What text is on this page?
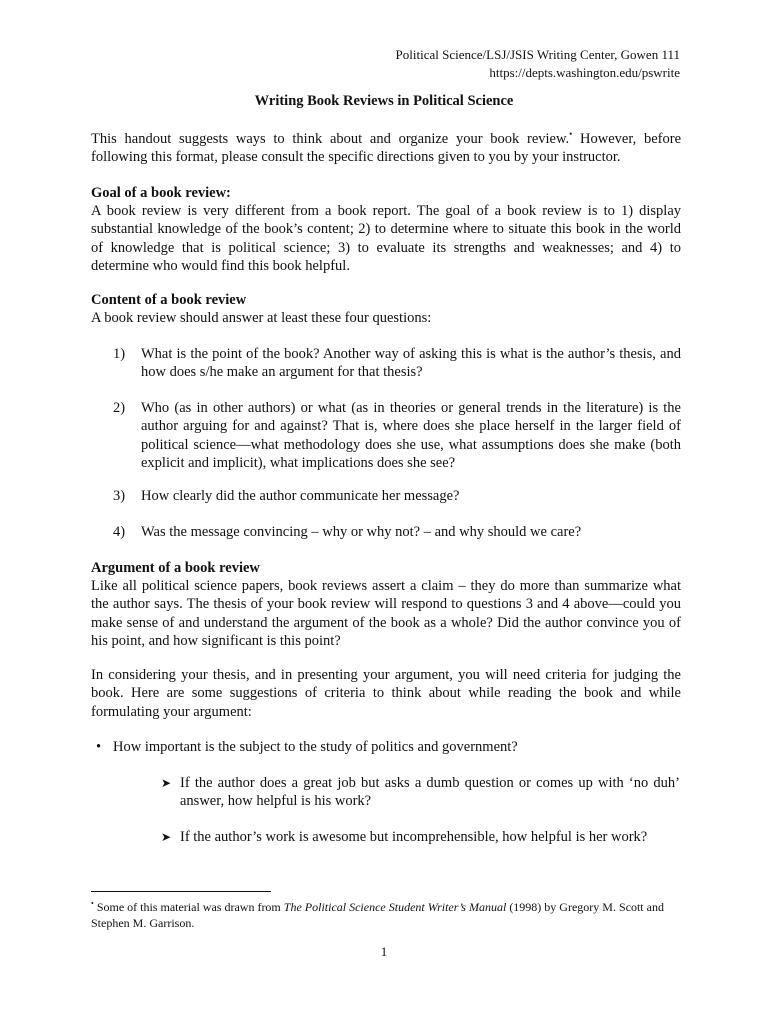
Political Science/LSJ/JSIS Writing Center, Gowen 111
https://depts.washington.edu/pswrite
Writing Book Reviews in Political Science
This handout suggests ways to think about and organize your book review.• However, before following this format, please consult the specific directions given to you by your instructor.
Goal of a book review:
A book review is very different from a book report. The goal of a book review is to 1) display substantial knowledge of the book’s content; 2) to determine where to situate this book in the world of knowledge that is political science; 3) to evaluate its strengths and weaknesses; and 4) to determine who would find this book helpful.
Content of a book review
A book review should answer at least these four questions:
1) What is the point of the book? Another way of asking this is what is the author’s thesis, and how does s/he make an argument for that thesis?
2) Who (as in other authors) or what (as in theories or general trends in the literature) is the author arguing for and against? That is, where does she place herself in the larger field of political science—what methodology does she use, what assumptions does she make (both explicit and implicit), what implications does she see?
3) How clearly did the author communicate her message?
4) Was the message convincing – why or why not? – and why should we care?
Argument of a book review
Like all political science papers, book reviews assert a claim – they do more than summarize what the author says. The thesis of your book review will respond to questions 3 and 4 above—could you make sense of and understand the argument of the book as a whole? Did the author convince you of his point, and how significant is this point?
In considering your thesis, and in presenting your argument, you will need criteria for judging the book. Here are some suggestions of criteria to think about while reading the book and while formulating your argument:
• How important is the subject to the study of politics and government?
➤ If the author does a great job but asks a dumb question or comes up with ‘no duh’ answer, how helpful is his work?
➤ If the author’s work is awesome but incomprehensible, how helpful is her work?
• Some of this material was drawn from The Political Science Student Writer’s Manual (1998) by Gregory M. Scott and Stephen M. Garrison.
1
